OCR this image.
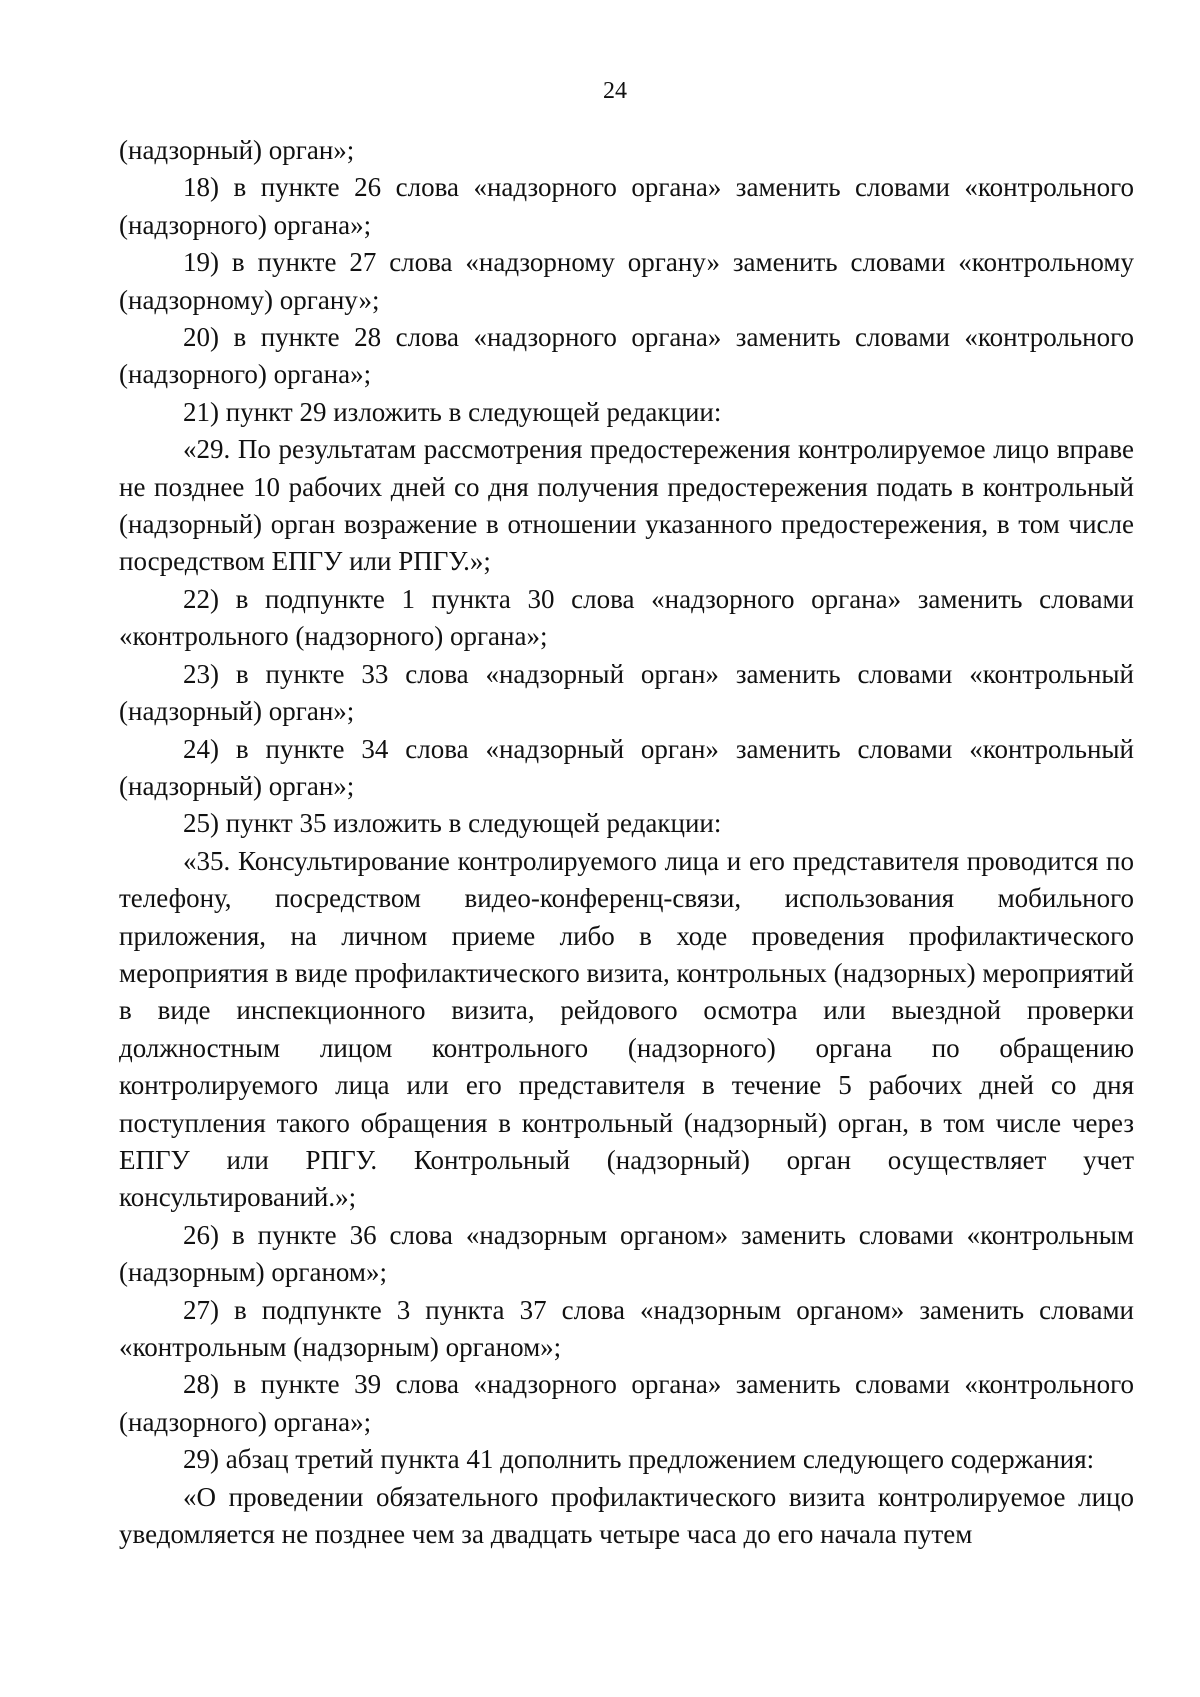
24

(надзорный) орган»;

18) в пункте 26 слова «надзорного органа» заменить словами «контрольного (надзорного) органа»;

19) в пункте 27 слова «надзорному органу» заменить словами «контрольному (надзорному) органу»;

20) в пункте 28 слова «надзорного органа» заменить словами «контрольного (надзорного) органа»;

21) пункт 29 изложить в следующей редакции:

«29. По результатам рассмотрения предостережения контролируемое лицо вправе не позднее 10 рабочих дней со дня получения предостережения подать в контрольный (надзорный) орган возражение в отношении указанного предостережения, в том числе посредством ЕПГУ или РПГУ.»;

22) в подпункте 1 пункта 30 слова «надзорного органа» заменить словами «контрольного (надзорного) органа»;

23) в пункте 33 слова «надзорный орган» заменить словами «контрольный (надзорный) орган»;

24) в пункте 34 слова «надзорный орган» заменить словами «контрольный (надзорный) орган»;

25) пункт 35 изложить в следующей редакции:

«35. Консультирование контролируемого лица и его представителя проводится по телефону, посредством видео-конференц-связи, использования мобильного приложения, на личном приеме либо в ходе проведения профилактического мероприятия в виде профилактического визита, контрольных (надзорных) мероприятий в виде инспекционного визита, рейдового осмотра или выездной проверки должностным лицом контрольного (надзорного) органа по обращению контролируемого лица или его представителя в течение 5 рабочих дней со дня поступления такого обращения в контрольный (надзорный) орган, в том числе через ЕПГУ или РПГУ. Контрольный (надзорный) орган осуществляет учет консультирований.»;

26) в пункте 36 слова «надзорным органом» заменить словами «контрольным (надзорным) органом»;

27) в подпункте 3 пункта 37 слова «надзорным органом» заменить словами «контрольным (надзорным) органом»;

28) в пункте 39 слова «надзорного органа» заменить словами «контрольного (надзорного) органа»;

29) абзац третий пункта 41 дополнить предложением следующего содержания:

«О проведении обязательного профилактического визита контролируемое лицо уведомляется не позднее чем за двадцать четыре часа до его начала путем
